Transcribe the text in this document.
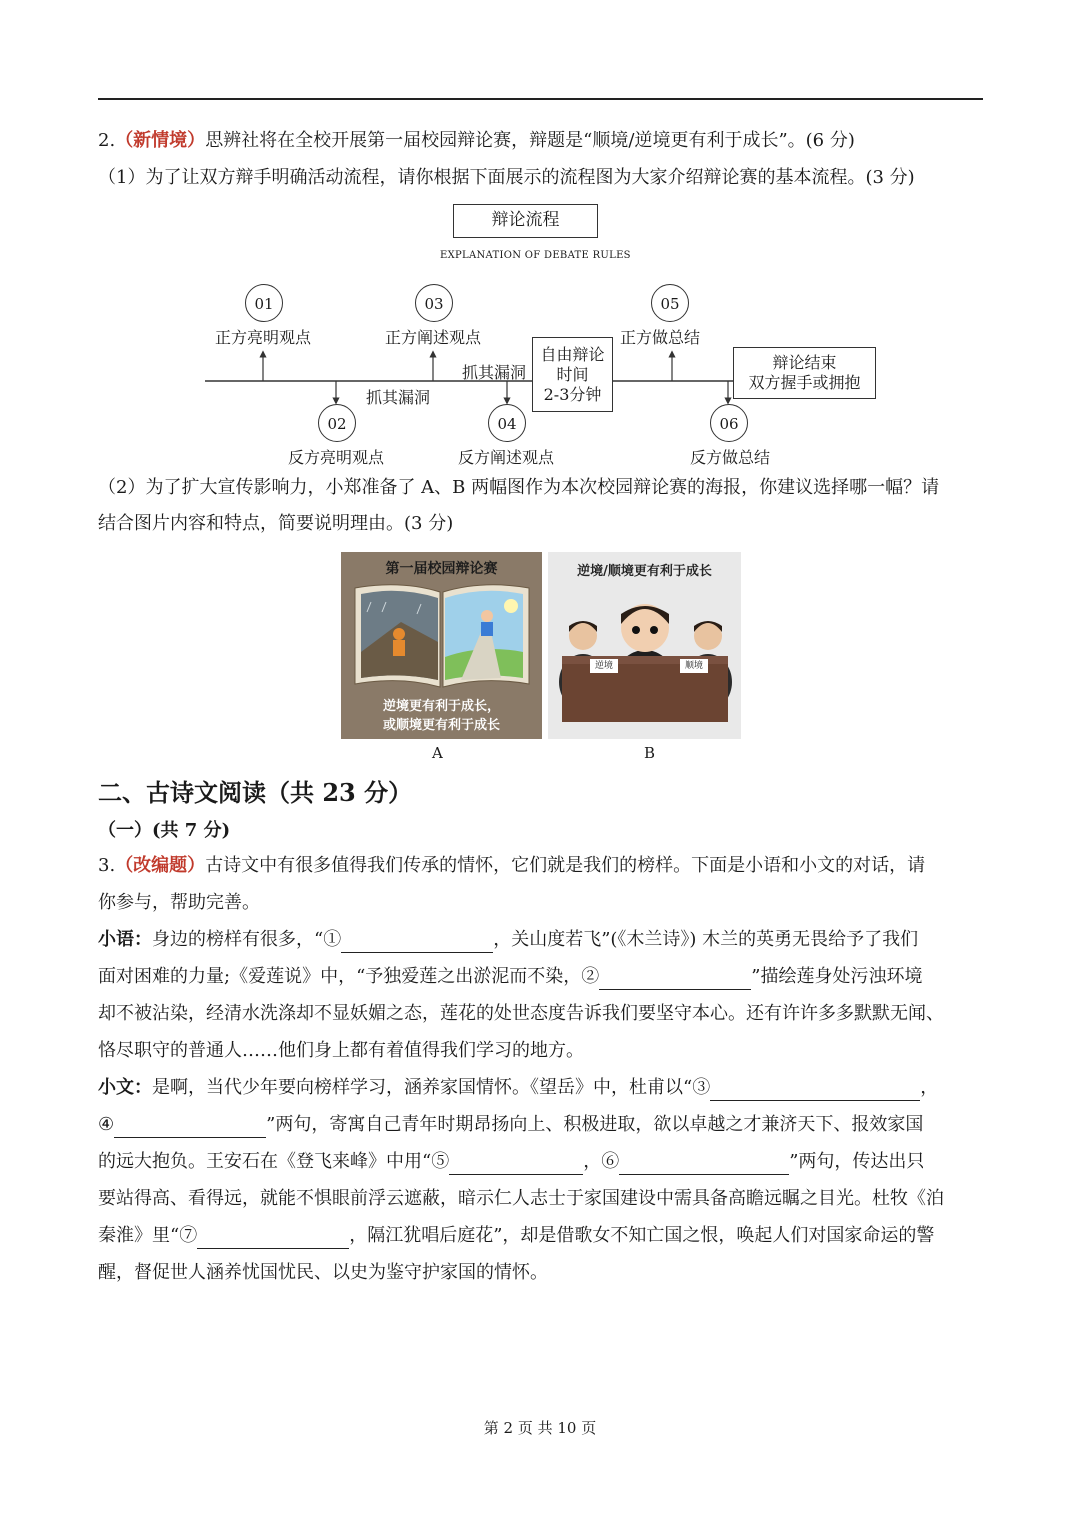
2.（新情境）思辨社将在全校开展第一届校园辩论赛，辩题是“顺境/逆境更有利于成长”。(6 分)
（1）为了让双方辩手明确活动流程，请你根据下面展示的流程图为大家介绍辩论赛的基本流程。(3 分)
辩论流程
EXPLANATION OF DEBATE RULES
01
正方亮明观点
03
正方阐述观点
05
正方做总结
02
反方亮明观点
04
反方阐述观点
06
反方做总结
抓其漏洞
抓其漏洞
自由辩论
时间
2-3分钟
辩论结束
双方握手或拥抱
（2）为了扩大宣传影响力，小郑准备了 A、B 两幅图作为本次校园辩论赛的海报，你建议选择哪一幅？请
结合图片内容和特点，简要说明理由。(3 分)
第一届校园辩论赛
逆境更有利于成长，
或顺境更有利于成长
A
逆境/顺境更有利于成长
逆境	顺境
B
二、古诗文阅读（共 23 分）
（一）(共 7 分)
3.（改编题）古诗文中有很多值得我们传承的情怀，它们就是我们的榜样。下面是小语和小文的对话，请
你参与，帮助完善。
小语：身边的榜样有很多，“①	，关山度若飞”(《木兰诗》) 木兰的英勇无畏给予了我们
面对困难的力量;《爱莲说》中，“予独爱莲之出淤泥而不染，②	”描绘莲身处污浊环境
却不被沾染，经清水洗涤却不显妖媚之态，莲花的处世态度告诉我们要坚守本心。还有许许多多默默无闻、
恪尽职守的普通人……他们身上都有着值得我们学习的地方。
小文：是啊，当代少年要向榜样学习，涵养家国情怀。《望岳》中，杜甫以“③	，
④	”两句，寄寓自己青年时期昂扬向上、积极进取，欲以卓越之才兼济天下、报效家国
的远大抱负。王安石在《登飞来峰》中用“⑤	，⑥	”两句，传达出只
要站得高、看得远，就能不惧眼前浮云遮蔽，暗示仁人志士于家国建设中需具备高瞻远瞩之目光。杜牧《泊
秦淮》里“⑦	，隔江犹唱后庭花”，却是借歌女不知亡国之恨，唤起人们对国家命运的警
醒，督促世人涵养忧国忧民、以史为鉴守护家国的情怀。
第 2 页 共 10 页
